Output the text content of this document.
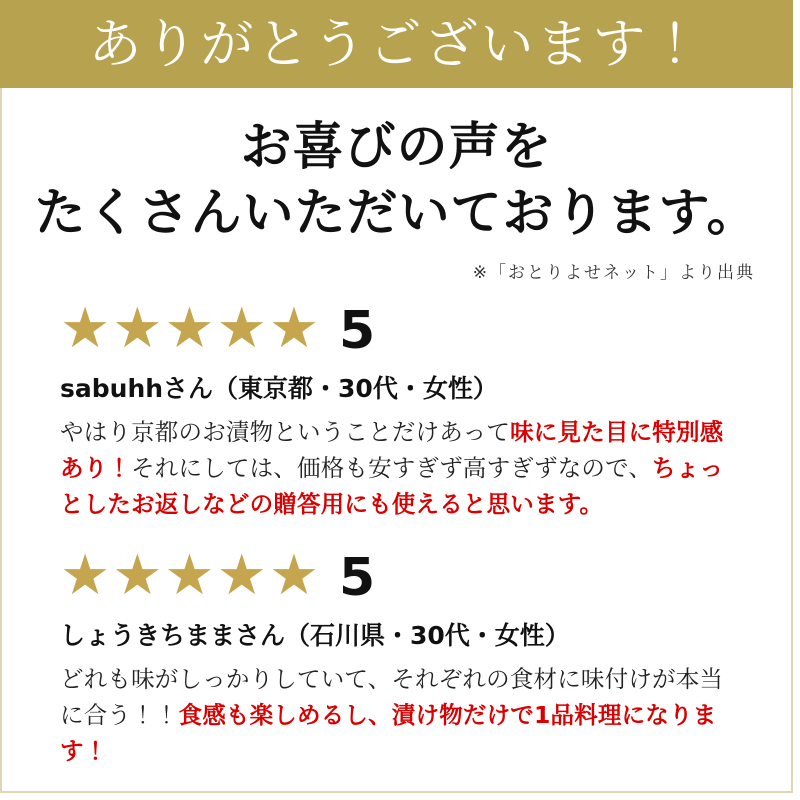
ありがとうございます！
お喜びの声を
たくさんいただいております。
※「おとりよせネット」より出典
★★★★★ 5
sabuhhさん（東京都・30代・女性）
やはり京都のお漬物ということだけあって味に見た目に特別感あり！それにしては、価格も安すぎず高すぎずなので、ちょっとしたお返しなどの贈答用にも使えると思います。
★★★★★ 5
しょうきちままさん（石川県・30代・女性）
どれも味がしっかりしていて、それぞれの食材に味付けが本当に合う！！食感も楽しめるし、漬け物だけで1品料理になります！
